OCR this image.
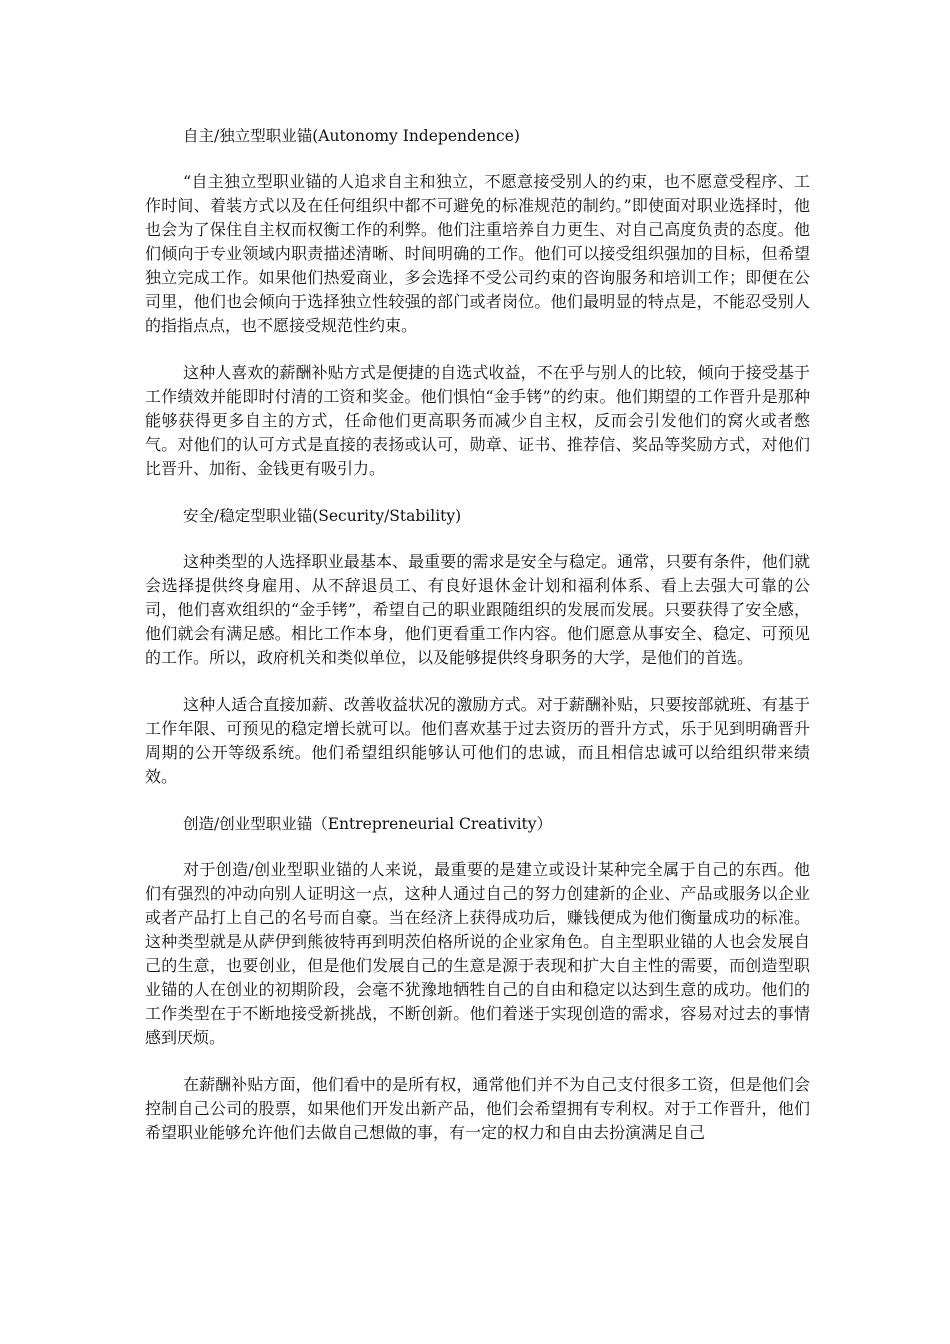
自主/独立型职业锚(Autonomy Independence)

“自主独立型职业锚的人追求自主和独立，不愿意接受别人的约束，也不愿意受程序、工作时间、着装方式以及在任何组织中都不可避免的标准规范的制约。”即使面对职业选择时，他也会为了保住自主权而权衡工作的利弊。他们注重培养自力更生、对自己高度负责的态度。他们倾向于专业领域内职责描述清晰、时间明确的工作。他们可以接受组织强加的目标，但希望独立完成工作。如果他们热爱商业，多会选择不受公司约束的咨询服务和培训工作；即便在公司里，他们也会倾向于选择独立性较强的部门或者岗位。他们最明显的特点是，不能忍受别人的指指点点，也不愿接受规范性约束。

这种人喜欢的薪酬补贴方式是便捷的自选式收益，不在乎与别人的比较，倾向于接受基于工作绩效并能即时付清的工资和奖金。他们惧怕“金手铐”的约束。他们期望的工作晋升是那种能够获得更多自主的方式，任命他们更高职务而减少自主权，反而会引发他们的窝火或者憋气。对他们的认可方式是直接的表扬或认可，勋章、证书、推荐信、奖品等奖励方式，对他们比晋升、加衔、金钱更有吸引力。

安全/稳定型职业锚(Security/Stability)

这种类型的人选择职业最基本、最重要的需求是安全与稳定。通常，只要有条件，他们就会选择提供终身雇用、从不辞退员工、有良好退休金计划和福利体系、看上去强大可靠的公司，他们喜欢组织的“金手铐”，希望自己的职业跟随组织的发展而发展。只要获得了安全感，他们就会有满足感。相比工作本身，他们更看重工作内容。他们愿意从事安全、稳定、可预见的工作。所以，政府机关和类似单位，以及能够提供终身职务的大学，是他们的首选。

这种人适合直接加薪、改善收益状况的激励方式。对于薪酬补贴，只要按部就班、有基于工作年限、可预见的稳定增长就可以。他们喜欢基于过去资历的晋升方式，乐于见到明确晋升周期的公开等级系统。他们希望组织能够认可他们的忠诚，而且相信忠诚可以给组织带来绩效。

创造/创业型职业锚（Entrepreneurial Creativity）

对于创造/创业型职业锚的人来说，最重要的是建立或设计某种完全属于自己的东西。他们有强烈的冲动向别人证明这一点，这种人通过自己的努力创建新的企业、产品或服务以企业或者产品打上自己的名号而自豪。当在经济上获得成功后，赚钱便成为他们衡量成功的标准。这种类型就是从萨伊到熊彼特再到明茨伯格所说的企业家角色。自主型职业锚的人也会发展自己的生意，也要创业，但是他们发展自己的生意是源于表现和扩大自主性的需要，而创造型职业锚的人在创业的初期阶段，会毫不犹豫地牺牲自己的自由和稳定以达到生意的成功。他们的工作类型在于不断地接受新挑战，不断创新。他们着迷于实现创造的需求，容易对过去的事情感到厌烦。

在薪酬补贴方面，他们看中的是所有权，通常他们并不为自己支付很多工资，但是他们会控制自己公司的股票，如果他们开发出新产品，他们会希望拥有专利权。对于工作晋升，他们希望职业能够允许他们去做自己想做的事，有一定的权力和自由去扮演满足自己
